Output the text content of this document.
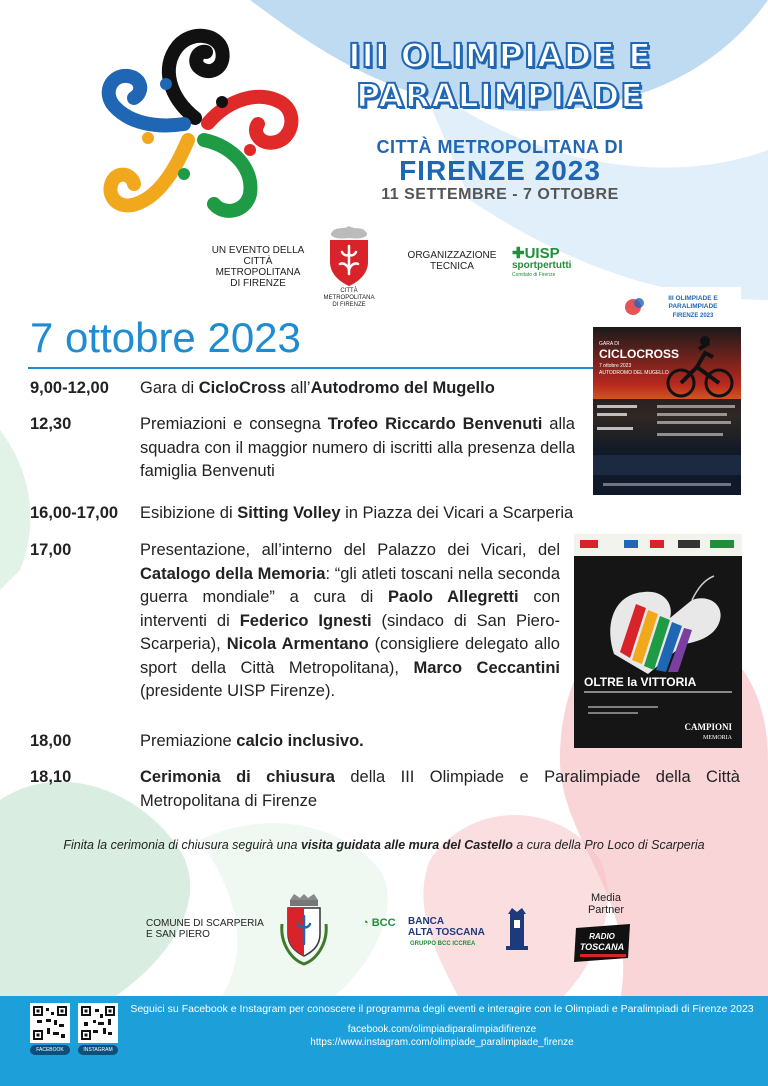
III OLIMPIADE E
PARALIMPIADE
CITTÀ METROPOLITANA DI
FIRENZE 2023
11 SETTEMBRE - 7 OTTOBRE
UN EVENTO DELLA
CITTÀ METROPOLITANA
DI FIRENZE
CITTÀ METROPOLITANA
DI FIRENZE
ORGANIZZAZIONE
TECNICA
✚UISP
sportpertutti
Comitato di Firenze
7 ottobre 2023
9,00-12,00	Gara di CicloCross all’Autodromo del Mugello
12,30	Premiazioni e consegna Trofeo Riccardo Benvenuti alla squadra con il maggior numero di iscritti alla presenza della famiglia Benvenuti
16,00-17,00	Esibizione di Sitting Volley in Piazza dei Vicari a Scarperia
17,00	Presentazione, all’interno del Palazzo dei Vicari, del Catalogo della Memoria: “gli atleti toscani nella seconda guerra mondiale” a cura di Paolo Allegretti con interventi di Federico Ignesti (sindaco di San Piero-Scarperia), Nicola Armentano (consigliere delegato allo sport della Città Metropolitana), Marco Ceccantini (presidente UISP Firenze).
18,00	Premiazione calcio inclusivo.
18,10	Cerimonia di chiusura della III Olimpiade e Paralimpiade della Città Metropolitana di Firenze
III OLIMPIADE E
PARALIMPIADE
FIRENZE 2023
GARA DI
CICLOCROSS
7 ottobre 2023
AUTODROMO DEL MUGELLO
OLTRE la VITTORIA
CAMPIONI
MEMORIA
Finita la cerimonia di chiusura seguirà una visita guidata alle mura del Castello a cura della Pro Loco di Scarperia
COMUNE DI SCARPERIA
E SAN PIERO
◔ BCC BANCA
ALTA TOSCANA
GRUPPO BCC ICCREA
Media
Partner
RADIO
TOSCANA
FACEBOOK	INSTAGRAM
Seguici su Facebook e Instagram per conoscere il programma degli eventi e interagire con le Olimpiadi e Paralimpiadi di Firenze 2023
facebook.com/olimpiadiparalimpiadifirenze
https://www.instagram.com/olimpiade_paralimpiade_firenze
